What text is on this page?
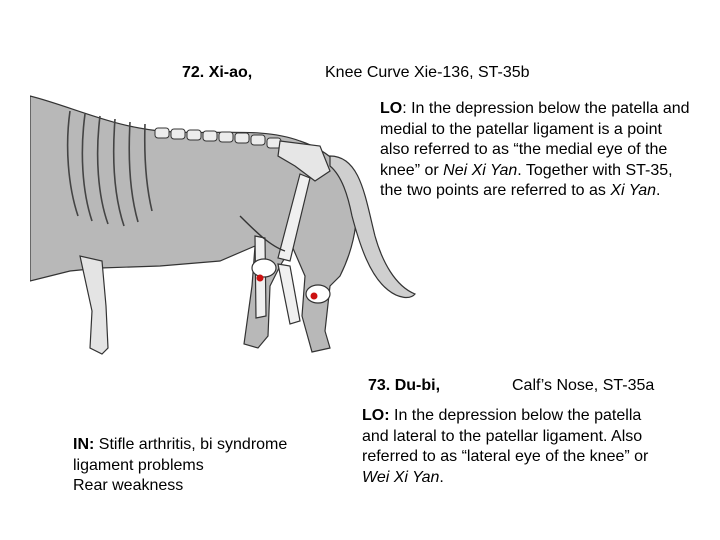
72. Xi-ao,	Knee Curve Xie-136, ST-35b
LO: In the depression below the patella and medial to the patellar ligament is a point also referred to as “the medial eye of the knee” or Nei Xi Yan. Together with ST-35, the two points are referred to as Xi Yan.
73. Du-bi,	Calf’s Nose, ST-35a
LO: In the depression below the patella and lateral to the patellar ligament. Also referred to as “lateral eye of the knee” or Wei Xi Yan.
IN: Stifle arthritis, bi syndrome
ligament problems
Rear weakness
